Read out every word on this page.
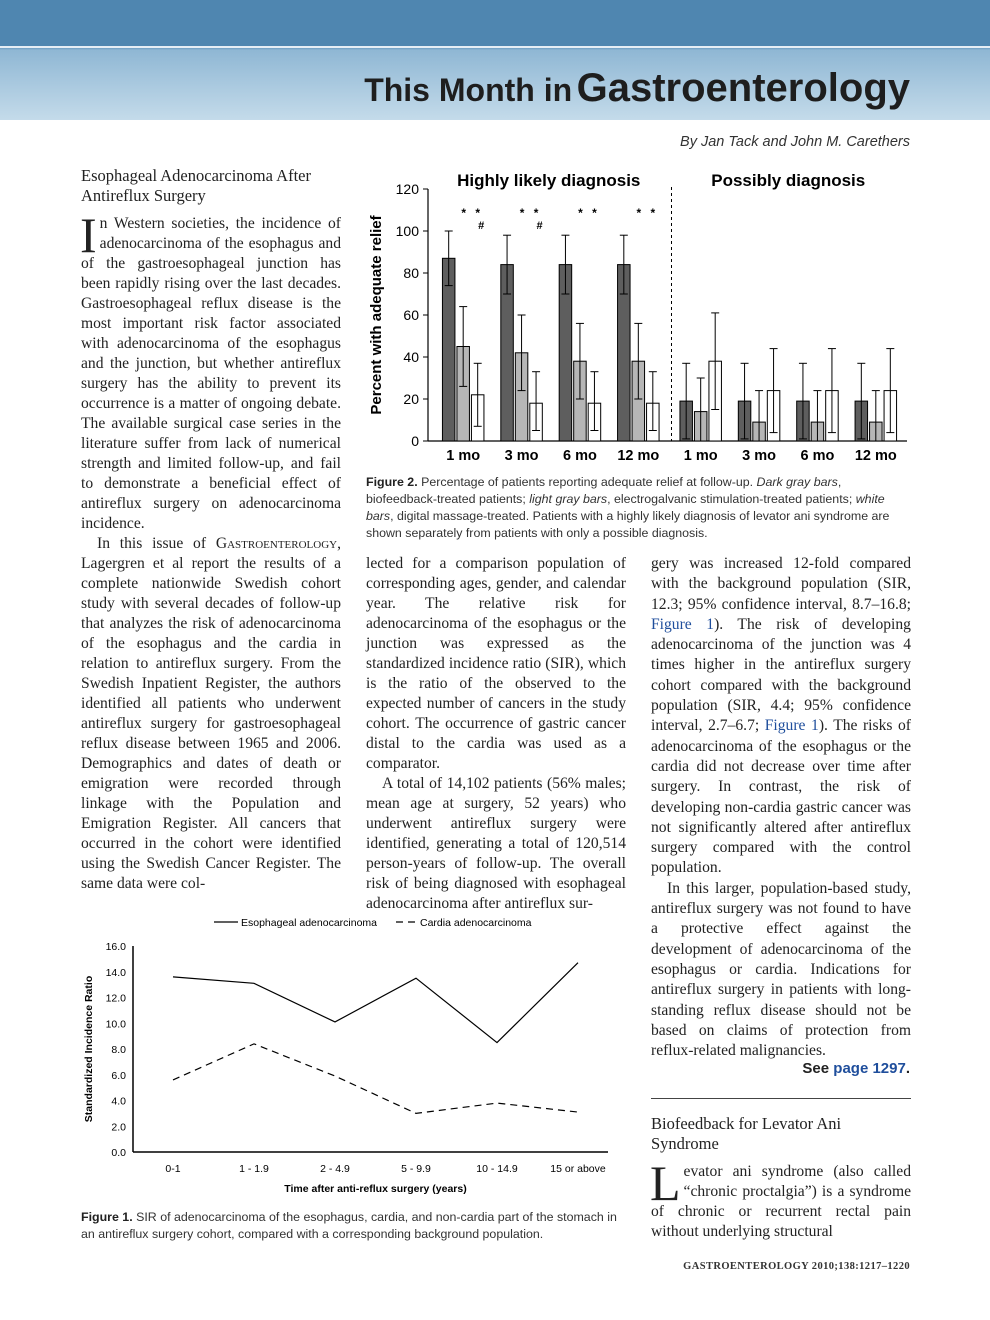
This Month in Gastroenterology
By Jan Tack and John M. Carethers
Esophageal Adenocarcinoma After
Antireflux Surgery

In Western societies, the incidence of adenocarcinoma of the esophagus and of the gastroesophageal junction has been rapidly rising over the last decades. Gastroesophageal reflux disease is the most important risk factor associated with adenocarcinoma of the esophagus and the junction, but whether antireflux surgery has the ability to prevent its occurrence is a matter of ongoing debate. The available surgical case series in the literature suffer from lack of numerical strength and limited follow-up, and fail to demonstrate a beneficial effect of antireflux surgery on adenocarcinoma incidence.

In this issue of Gastroenterology, Lagergren et al report the results of a complete nationwide Swedish cohort study with several decades of follow-up that analyzes the risk of adenocarcinoma of the esophagus and the cardia in relation to antireflux surgery. From the Swedish Inpatient Register, the authors identified all patients who underwent antireflux surgery for gastroesophageal reflux disease between 1965 and 2006. Demographics and dates of death or emigration were recorded through linkage with the Population and Emigration Register. All cancers that occurred in the cohort were identified using the Swedish Cancer Register. The same data were col-

lected for a comparison population of corresponding ages, gender, and calendar year. The relative risk for adenocarcinoma of the esophagus or the junction was expressed as the standardized incidence ratio (SIR), which is the ratio of the observed to the expected number of cancers in the study cohort. The occurrence of gastric cancer distal to the cardia was used as a comparator.

A total of 14,102 patients (56% males; mean age at surgery, 52 years) who underwent antireflux surgery were identified, generating a total of 120,514 person-years of follow-up. The overall risk of being diagnosed with esophageal adenocarcinoma after antireflux sur-

gery was increased 12-fold compared with the background population (SIR, 12.3; 95% confidence interval, 8.7–16.8; Figure 1). The risk of developing adenocarcinoma of the junction was 4 times higher in the antireflux surgery cohort compared with the background population (SIR, 4.4; 95% confidence interval, 2.7–6.7; Figure 1). The risks of adenocarcinoma of the esophagus or the cardia did not decrease over time after surgery. In contrast, the risk of developing non-cardia gastric cancer was not significantly altered after antireflux surgery compared with the control population.

In this larger, population-based study, antireflux surgery was not found to have a protective effect against the development of adenocarcinoma of the esophagus or cardia. Indications for antireflux surgery in patients with long-standing reflux disease should not be based on claims of protection from reflux-related malignancies.

See page 1297.
Biofeedback for Levator Ani
Syndrome

Levator ani syndrome (also called “chronic proctalgia”) is a syndrome of chronic or recurrent rectal pain without underlying structural

0
20
40
60
80
100
120
Percent with adequate relief
1 mo
* *
#
3 mo
* *
#
6 mo
* *
12 mo
* *
1 mo 3 mo 6 mo 12 mo
Highly likely diagnosis	Possibly diagnosis
Figure 2. Percentage of patients reporting adequate relief at follow-up. Dark gray bars, biofeedback-treated patients; light gray bars, electrogalvanic stimulation-treated patients; white bars, digital massage-treated. Patients with a highly likely diagnosis of levator ani syndrome are shown separately from patients with only a possible diagnosis.
0.0
2.0
4.0
6.0
8.0
10.0
12.0
14.0
16.0
Standardized Incidence Ratio
0-1	1 - 1.9	2 - 4.9	5 - 9.9	10 - 14.9	15 or above
Time after anti-reflux surgery (years)
Esophageal adenocarcinoma	Cardia adenocarcinoma
Figure 1. SIR of adenocarcinoma of the esophagus, cardia, and non-cardia part of the stomach in an antireflux surgery cohort, compared with a corresponding background population.
GASTROENTEROLOGY 2010;138:1217–1220
